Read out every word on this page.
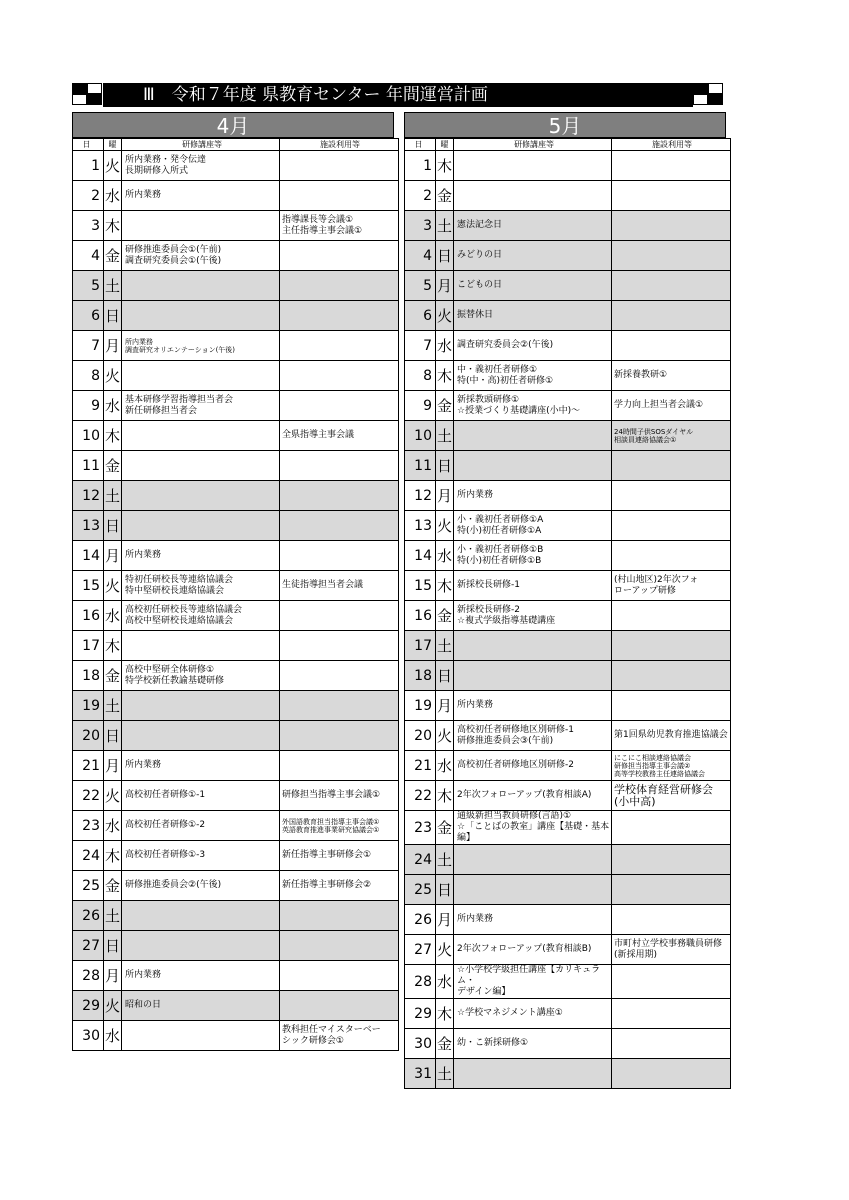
Ⅲ　令和７年度 県教育センター 年間運営計画
4月
日	曜	研修講座等	施設利用等
1	火	所内業務・発令伝達
長期研修入所式	
2	水	所内業務	
3	木		指導課長等会議①
主任指導主事会議①
4	金	研修推進委員会①(午前)
調査研究委員会①(午後)	
5	土		
6	日		
7	月	所内業務
調査研究オリエンテーション(午後)	
8	火		
9	水	基本研修学習指導担当者会
新任研修担当者会	
10	木		全県指導主事会議
11	金		
12	土		
13	日		
14	月	所内業務	
15	火	特初任研校長等連絡協議会
特中堅研校長連絡協議会	生徒指導担当者会議
16	水	高校初任研校長等連絡協議会
高校中堅研校長連絡協議会	
17	木		
18	金	高校中堅研全体研修①
特学校新任教諭基礎研修	
19	土		
20	日		
21	月	所内業務	
22	火	高校初任者研修①-1	研修担当指導主事会議①
23	水	高校初任者研修①-2	外国語教育担当指導主事会議①
英語教育推進事業研究協議会①
24	木	高校初任者研修①-3	新任指導主事研修会①
25	金	研修推進委員会②(午後)	新任指導主事研修会②
26	土		
27	日		
28	月	所内業務	
29	火	昭和の日	
30	水		教科担任マイスターベー
シック研修会①
5月
日	曜	研修講座等	施設利用等
1	木		
2	金		
3	土	憲法記念日	
4	日	みどりの日	
5	月	こどもの日	
6	火	振替休日	
7	水	調査研究委員会②(午後)	
8	木	中・義初任者研修①
特(中・高)初任者研修①	新採養教研①
9	金	新採教頭研修①
☆授業づくり基礎講座(小中)～	学力向上担当者会議①
10	土		24時間子供SOSダイヤル
相談員連絡協議会①
11	日		
12	月	所内業務	
13	火	小・義初任者研修①A
特(小)初任者研修①A	
14	水	小・義初任者研修①B
特(小)初任者研修①B	
15	木	新採校長研修-1	(村山地区)2年次フォ
ローアップ研修
16	金	新採校長研修-2
☆複式学級指導基礎講座	
17	土		
18	日		
19	月	所内業務	
20	火	高校初任者研修地区別研修-1
研修推進委員会③(午前)	第1回県幼児教育推進協議会
21	水	高校初任者研修地区別研修-2	にこにこ相談連絡協議会
研修担当指導主事会議②
高等学校教務主任連絡協議会
22	木	2年次フォローアップ(教育相談A)	学校体育経営研修会
(小中高)
23	金	通級新担当教員研修(言語)①
☆「ことばの教室」講座【基礎・基本編】	
24	土		
25	日		
26	月	所内業務	
27	火	2年次フォローアップ(教育相談B)	市町村立学校事務職員研修(新採用期)
28	水	☆小学校学級担任講座【カリキュラム・
デザイン編】	
29	木	☆学校マネジメント講座①	
30	金	幼・こ新採研修①	
31	土		
